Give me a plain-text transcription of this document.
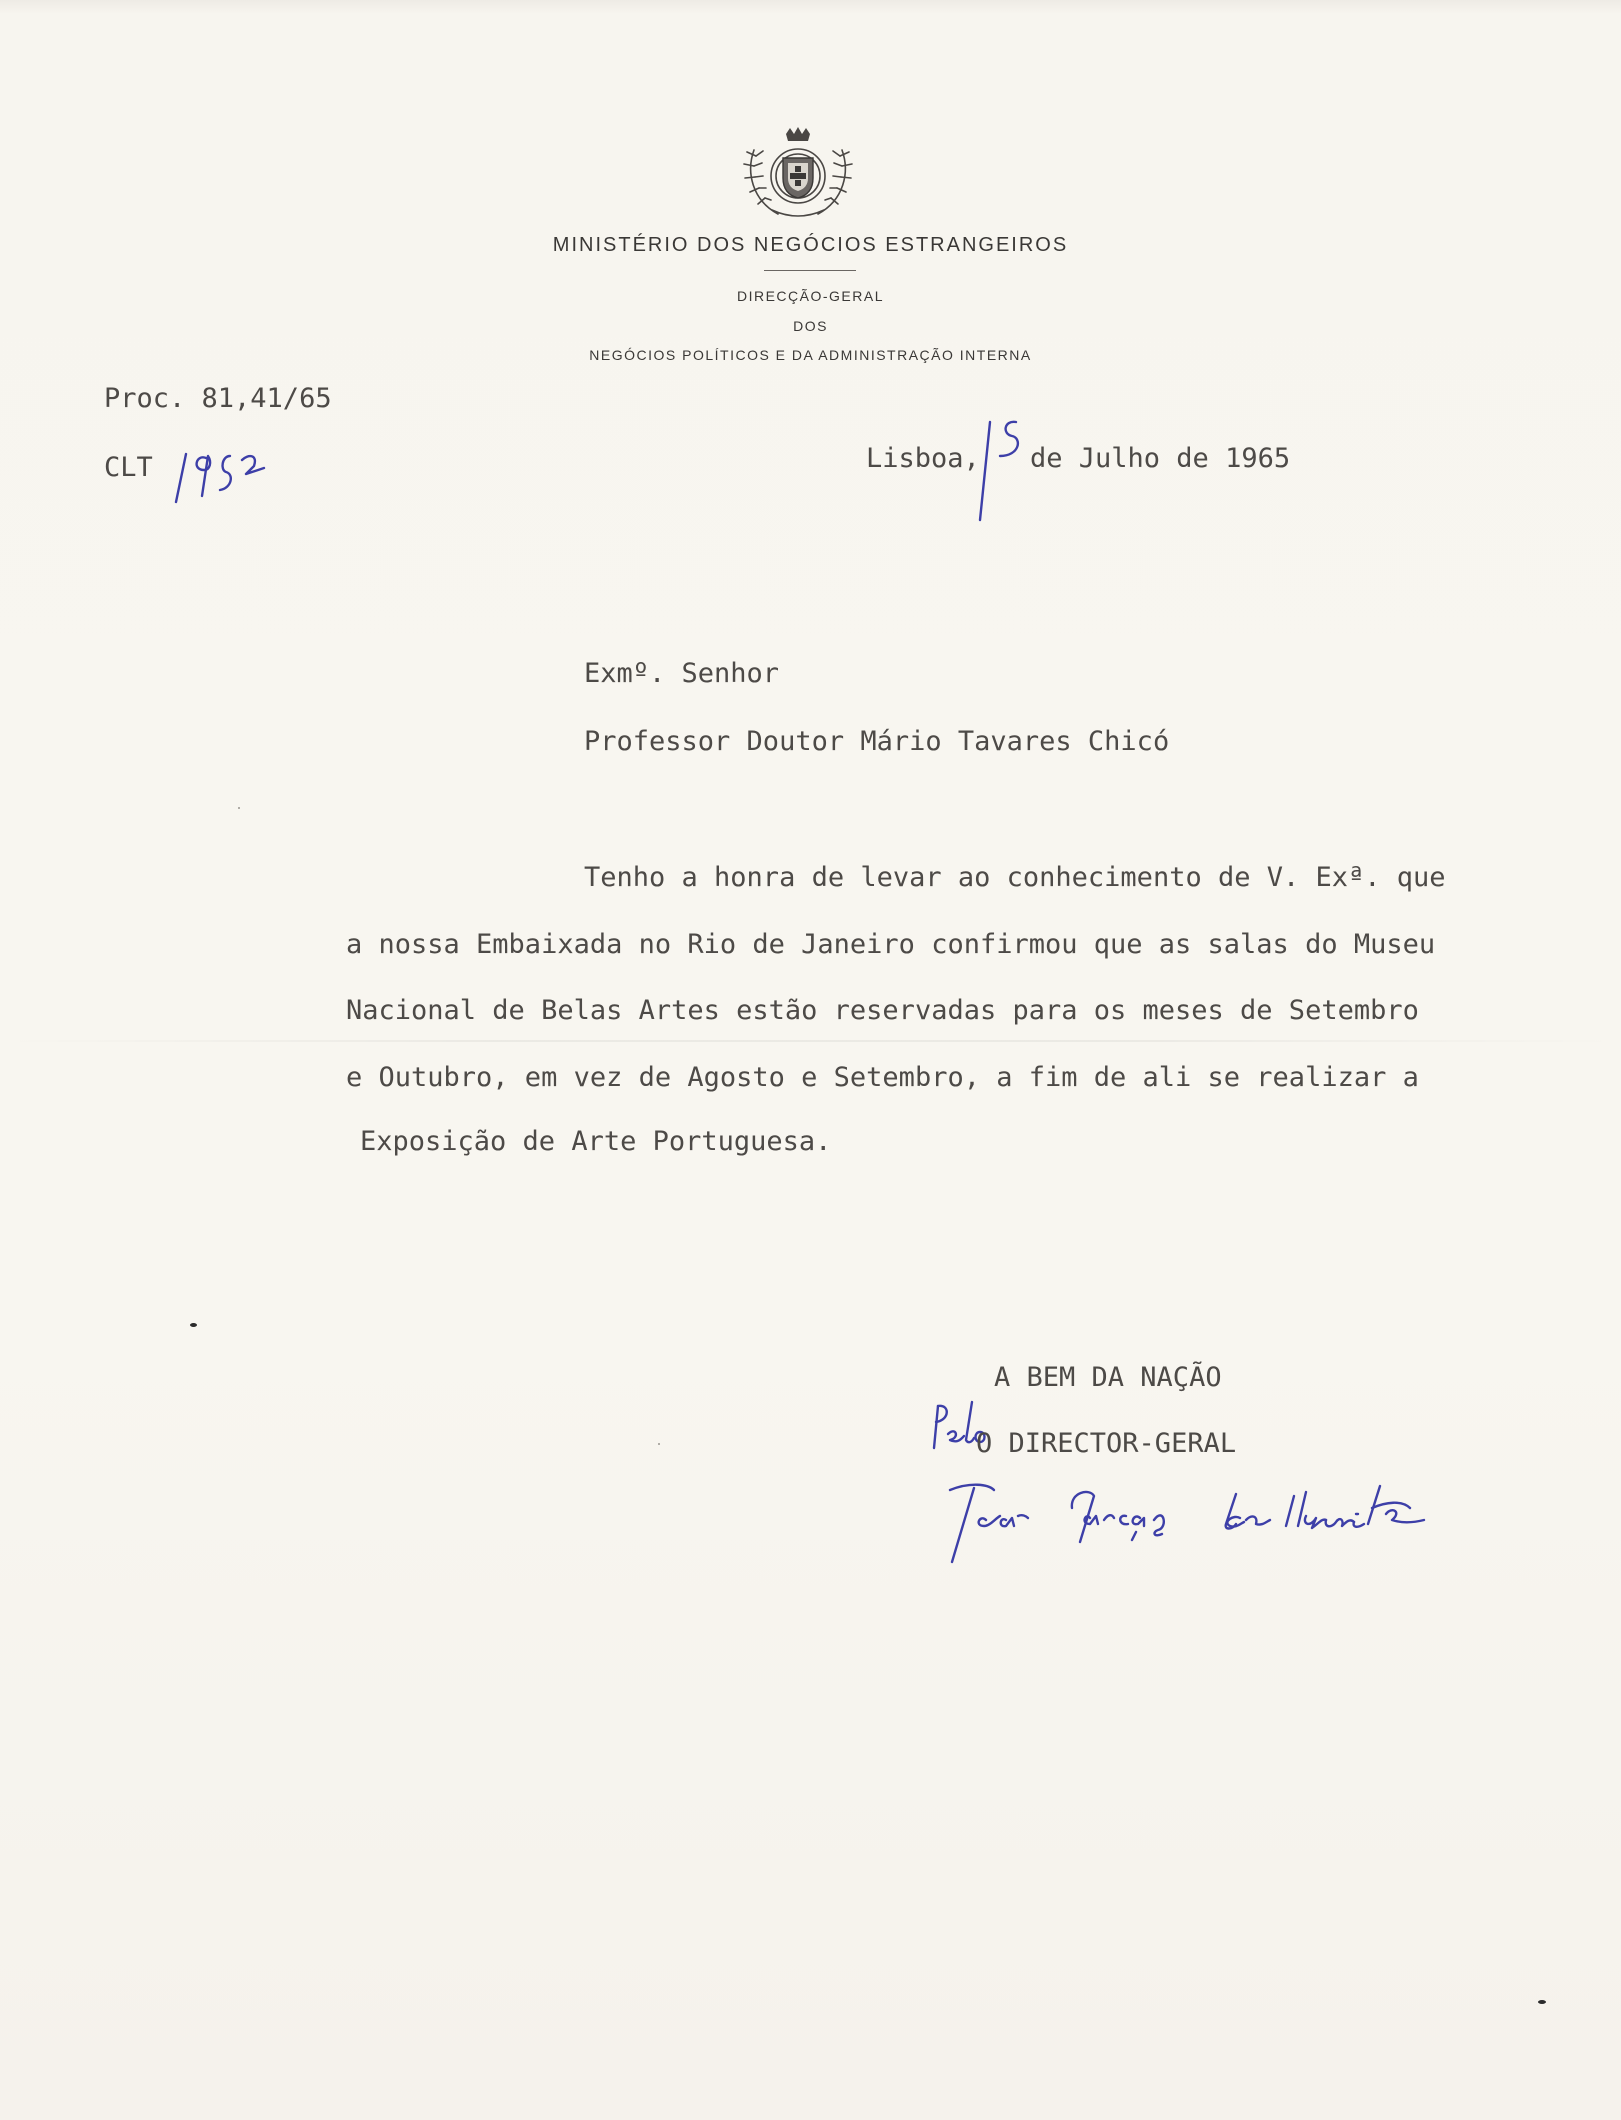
MINISTÉRIO DOS NEGÓCIOS ESTRANGEIROS
DIRECÇÃO-GERAL
DOS
NEGÓCIOS POLÍTICOS E DA ADMINISTRAÇÃO INTERNA
Proc. 81,41/65
CLT	Lisboa, de Julho de 1965
Exmº. Senhor
Professor Doutor Mário Tavares Chicó
Tenho a honra de levar ao conhecimento de V. Exª. que
a nossa Embaixada no Rio de Janeiro confirmou que as salas do Museu
Nacional de Belas Artes estão reservadas para os meses de Setembro
e Outubro, em vez de Agosto e Setembro, a fim de ali se realizar a
Exposição de Arte Portuguesa.
A BEM DA NAÇÃO
O DIRECTOR-GERAL
